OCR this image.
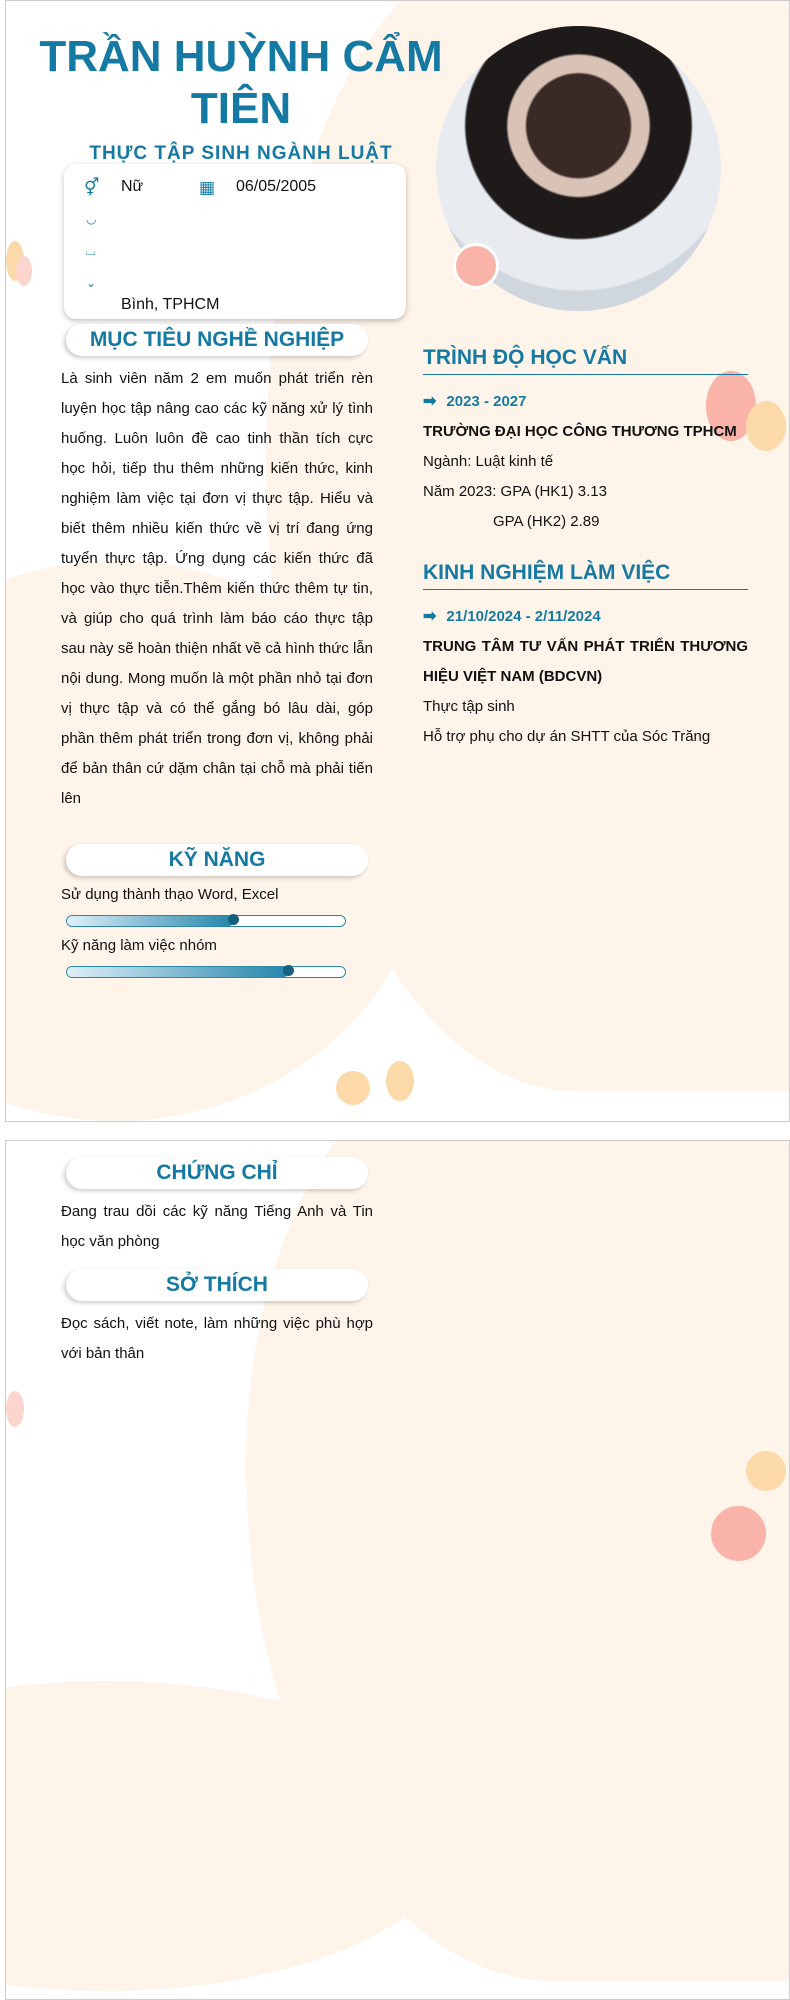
TRẦN HUỲNH CẨM TIÊN
THỰC TẬP SINH NGÀNH LUẬT
⚥ Nữ	▦ 06/05/2005
◡
⌴
⌄
Bình, TPHCM
MỤC TIÊU NGHỀ NGHIỆP
Là sinh viên năm 2 em muốn phát triển rèn luyện học tập nâng cao các kỹ năng xử lý tình huống. Luôn luôn đề cao tinh thần tích cực học hỏi, tiếp thu thêm những kiến thức, kinh nghiệm làm việc tại đơn vị thực tập. Hiểu và biết thêm nhiều kiến thức về vị trí đang ứng tuyển thực tập. Ứng dụng các kiến thức đã học vào thực tiễn.Thêm kiến thức thêm tự tin, và giúp cho quá trình làm báo cáo thực tập sau này sẽ hoàn thiện nhất về cả hình thức lẫn nội dung. Mong muốn là một phần nhỏ tại đơn vị thực tập và có thể gắng bó lâu dài, góp phần thêm phát triển trong đơn vị, không phải để bản thân cứ dặm chân tại chỗ mà phải tiến lên
KỸ NĂNG
Sử dụng thành thạo Word, Excel
Kỹ năng làm việc nhóm
TRÌNH ĐỘ HỌC VẤN
➡ 2023 - 2027
TRƯỜNG ĐẠI HỌC CÔNG THƯƠNG TPHCM
Ngành: Luật kinh tế
Năm 2023: GPA (HK1) 3.13
GPA (HK2) 2.89
KINH NGHIỆM LÀM VIỆC
➡ 21/10/2024 - 2/11/2024
TRUNG TÂM TƯ VẤN PHÁT TRIỂN THƯƠNG HIỆU VIỆT NAM (BDCVN)
Thực tập sinh
Hỗ trợ phụ cho dự án SHTT của Sóc Trăng
CHỨNG CHỈ
Đang trau dồi các kỹ năng Tiếng Anh và Tin học văn phòng
SỞ THÍCH
Đọc sách, viết note, làm những việc phù hợp với bản thân
